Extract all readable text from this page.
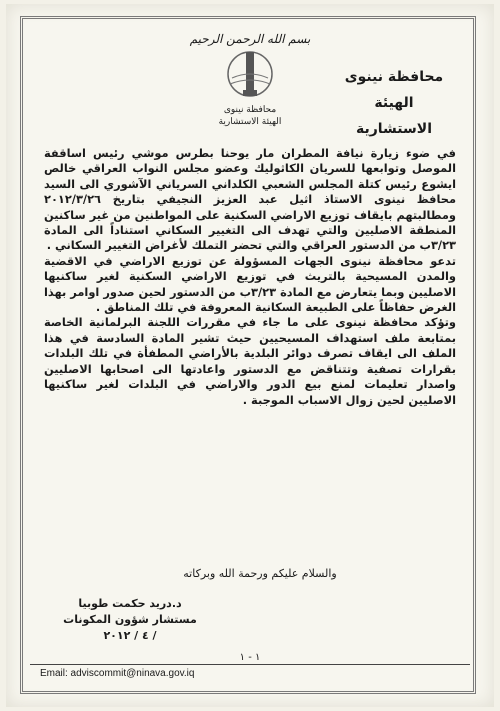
بسم الله الرحمن الرحيم
محافظة نينوى
الهيئة الاستشارية
محافظة نينوى
الهيئة الاستشارية

في ضوء زيارة نيافة المطران مار يوحنا بطرس موشي رئيس اساقفة الموصل وتوابعها للسريان الكاثوليك وعضو مجلس النواب العراقي خالص ايشوع رئيس كتلة المجلس الشعبي الكلداني السرياني الآشوري الى السيد محافظ نينوى الاستاذ اثيل عبد العزيز النجيفي بتاريخ ٢٠١٢/٣/٢٦ ومطالبتهم بايقاف توزيع الاراضي السكنية على المواطنين من غير ساكنين المنطقة الاصليين والتي تهدف الى التغيير السكاني استناداً الى المادة ٣/٢٣ب من الدستور العراقي والتي تحضر التملك لأغراض التغيير السكاني .

تدعو محافظة نينوى الجهات المسؤولة عن توزيع الاراضي في الاقضية والمدن المسيحية بالتريث في توزيع الاراضي السكنية لغير ساكنيها الاصليين وبما يتعارض مع المادة ٣/٢٣ب من الدستور لحين صدور اوامر بهذا الغرض حفاظاً على الطبيعة السكانية المعروفة في تلك المناطق .

وتؤكد محافظة نينوى على ما جاء في مقررات اللجنة البرلمانية الخاصة بمتابعة ملف استهداف المسيحيين حيث تشير المادة السادسة في هذا الملف الى ايقاف تصرف دوائر البلدية بالأراضي المطفأة في تلك البلدات بقرارات تصفية وتتناقض مع الدستور واعادتها الى اصحابها الاصليين واصدار تعليمات لمنع بيع الدور والاراضي في البلدات لغير ساكنيها الاصليين لحين زوال الاسباب الموجبة .

والسلام عليكم ورحمة الله وبركاته
د.دريد حكمت طوبيا
مستشار شؤون المكونات
/ ٤ / ٢٠١٢
١ - ١
Email: adviscommit@ninava.gov.iq
